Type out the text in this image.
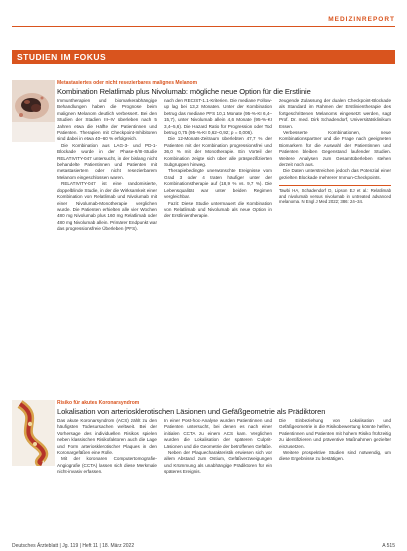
MEDIZINREPORT
STUDIEN IM FOKUS
Metastasiertes oder nicht resezierbares malignes Melanom
Kombination Relatlimab plus Nivolumab: mögliche neue Option für die Erstlinie

Immuntherapien und biomarkerabhängige Behandlungen haben die Prognose beim malignen Melanom deutlich verbessert. Bei den Studien der Stadien III–IV überleben nach 5 Jahren etwa die Hälfte der Patientinnen und Patienten. Therapien mit Checkpoint-Inhibitoren sind dabei in etwa 40–60 % erfolgreich.

Die Kombination aus LAG-3- und PD-1-Blockade wurde in der Phase-II/III-Studie RELATIVITY-047 untersucht, in der bislang nicht behandelte Patientinnen und Patienten mit metastasiertem oder nicht resezierbarem Melanom eingeschlossen waren.

RELATIVITY-047 ist eine randomisierte, doppelblinde Studie, in der die Wirksamkeit einer Kombination von Relatlimab und Nivolumab mit einer Nivolumab-Monotherapie verglichen wurde. Die Patienten erhielten alle vier Wochen 480 mg Nivolumab plus 160 mg Relatlimab oder 480 mg Nivolumab allein. Primärer Endpunkt war das progressionsfreie Überleben (PFS).

nach den RECIST-1.1-Kriterien. Die mediane Follow-up lag bei 13,2 Monaten. Unter der Kombination betrug das mediane PFS 10,1 Monate (95-%-KI 6,4–15,7), unter Nivolumab allein 4,6 Monate (95-%-KI 3,4–5,6). Die Hazard Ratio für Progression oder Tod betrug 0,75 (95-%-KI 0,62–0,92; p = 0,006).

Die 12-Monats-Zeitraum überlebten 47,7 % der Patienten mit der Kombination progressionsfrei und 36,0 % mit der Monotherapie. Ein Vorteil der Kombination zeigte sich über alle präspezifizierten Subgruppen hinweg.

Therapiebedingte unerwünschte Ereignisse vom Grad 3 oder 4 traten häufiger unter der Kombinationstherapie auf (18,9 % vs. 9,7 %). Die Lebensqualität war unter beiden Regimen vergleichbar.

Fazit: Diese Studie untermauert die Kombination von Relatlimab und Nivolumab als neue Option in der Erstlinientherapie.

zeugende Zulassung der dualen Checkpoint-Blockade als Standard im Rahmen der Erstlinientherapie des fortgeschrittenen Melanoms eingesetzt werden, sagt Prof. Dr. med. Dirk Schadendorf, Universitätsklinikum Essen.

Verbesserte Kombinationen, neue Kombinationspartner und die Frage nach geeigneten Biomarkern für die Auswahl der Patientinnen und Patienten bleiben Gegenstand laufender Studien. Weitere Analysen zum Gesamtüberleben stehen derzeit noch aus.

Die Daten unterstreichen jedoch das Potenzial einer gezielten Blockade mehrerer Immun-Checkpoints.

Tawbi HA, Schadendorf D, Lipson EJ et al.: Relatlimab and nivolumab versus nivolumab in untreated advanced melanoma. N Engl J Med 2022; 386: 24–34.
Risiko für akutes Koronarsyndrom
Lokalisation von arteriosklerotischen Läsionen und Gefäßgeometrie als Prädiktoren

Das akute Koronarsyndrom (ACS) zählt zu den häufigsten Todesursachen weltweit. Bei der Vorhersage des individuellen Risikos spielen neben klassischen Risikofaktoren auch die Lage und Form arteriosklerotischer Plaques in den Koronargefäßen eine Rolle.

Mit der koronaren Computertomografie-Angiografie (CCTA) lassen sich diese Merkmale nicht-invasiv erfassen.

In einer Post-hoc-Analyse wurden Patientinnen und Patienten untersucht, bei denen es nach einer initialen CCTA zu einem ACS kam. Verglichen wurden die Lokalisation der späteren Culprit-Läsionen und die Geometrie der betroffenen Gefäße.

Neben der Plaquecharakteristik erwiesen sich vor allem Abstand zum Ostium, Gefäßverzweigungen und Krümmung als unabhängige Prädiktoren für ein späteres Ereignis.

Die Einbeziehung von Lokalisation und Gefäßgeometrie in die Risikobewertung könnte helfen, Patientinnen und Patienten mit hohem Risiko frühzeitig zu identifizieren und präventive Maßnahmen gezielter einzusetzen.

Weitere prospektive Studien sind notwendig, um diese Ergebnisse zu bestätigen.

Deutsches Ärzteblatt | Jg. 119 | Heft 11 | 18. März 2022	A 515
